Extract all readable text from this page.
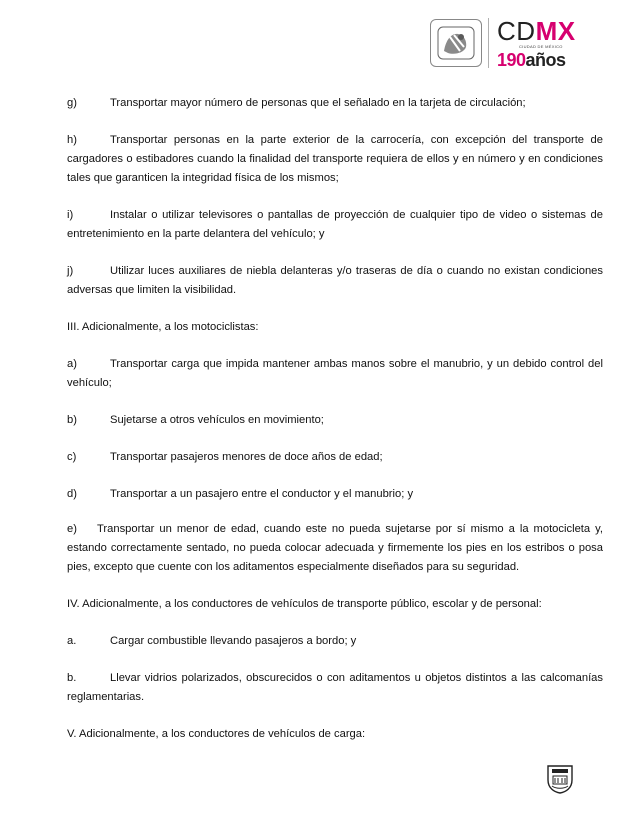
CDMX
CIUDAD DE MÉXICO
190años

g)	Transportar mayor número de personas que el señalado en la tarjeta de circulación;

h)	Transportar personas en la parte exterior de la carrocería, con excepción del transporte de cargadores o estibadores cuando la finalidad del transporte requiera de ellos y en número y en condiciones tales que garanticen la integridad física de los mismos;

i)	Instalar o utilizar televisores o pantallas de proyección de cualquier tipo de video o sistemas de entretenimiento en la parte delantera del vehículo; y

j)	Utilizar luces auxiliares de niebla delanteras y/o traseras de día o cuando no existan condiciones adversas que limiten la visibilidad.

III. Adicionalmente, a los motociclistas:

a)	Transportar carga que impida mantener ambas manos sobre el manubrio, y un debido control del vehículo;

b)	Sujetarse a otros vehículos en movimiento;

c)	Transportar pasajeros menores de doce años de edad;

d)	Transportar a un pasajero entre el conductor y el manubrio; y

e) Transportar un menor de edad, cuando este no pueda sujetarse por sí mismo a la motocicleta y, estando correctamente sentado, no pueda colocar adecuada y firmemente los pies en los estribos o posa pies, excepto que cuente con los aditamentos especialmente diseñados para su seguridad.

IV. Adicionalmente, a los conductores de vehículos de transporte público, escolar y de personal:

a.	Cargar combustible llevando pasajeros a bordo; y

b.	Llevar vidrios polarizados, obscurecidos o con aditamentos u objetos distintos a las calcomanías reglamentarias.

V. Adicionalmente, a los conductores de vehículos de carga:
